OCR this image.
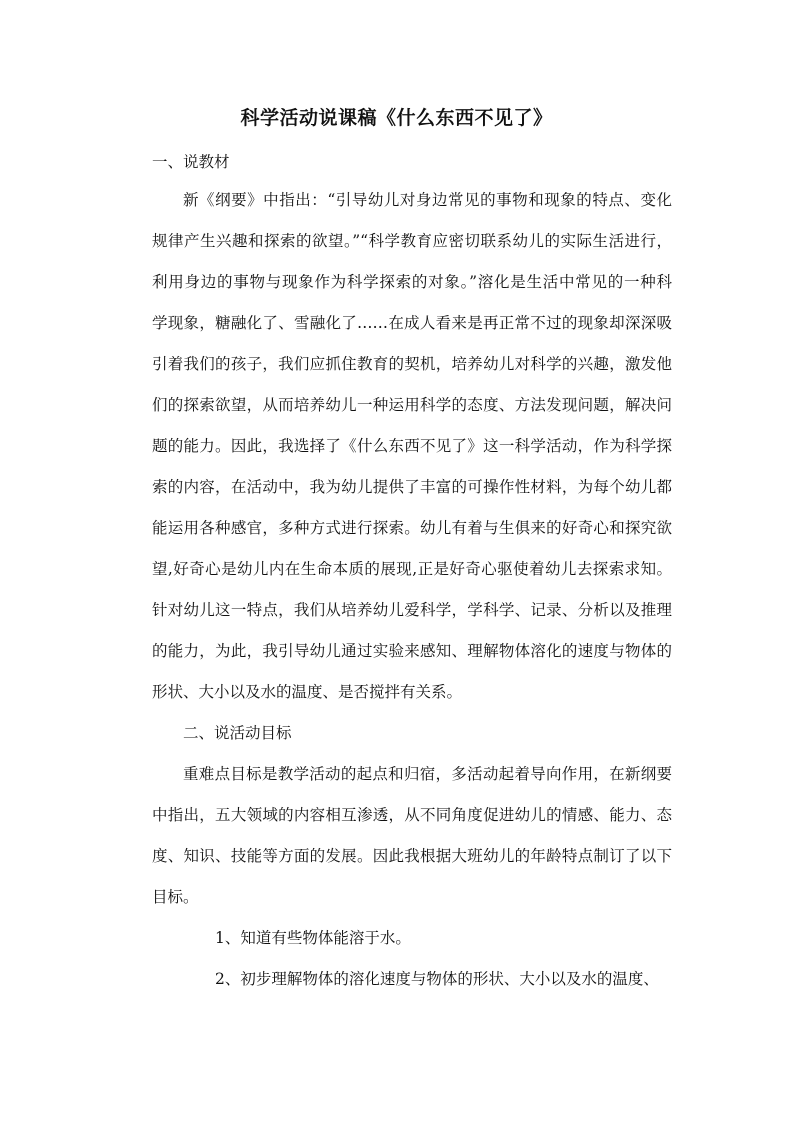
科学活动说课稿《什么东西不见了》
一、说教材
新《纲要》中指出：“引导幼儿对身边常见的事物和现象的特点、变化
规律产生兴趣和探索的欲望。”“科学教育应密切联系幼儿的实际生活进行，
利用身边的事物与现象作为科学探索的对象。”溶化是生活中常见的一种科
学现象，糖融化了、雪融化了……在成人看来是再正常不过的现象却深深吸
引着我们的孩子，我们应抓住教育的契机，培养幼儿对科学的兴趣，激发他
们的探索欲望，从而培养幼儿一种运用科学的态度、方法发现问题，解决问
题的能力。因此，我选择了《什么东西不见了》这一科学活动，作为科学探
索的内容，在活动中，我为幼儿提供了丰富的可操作性材料，为每个幼儿都
能运用各种感官，多种方式进行探索。幼儿有着与生俱来的好奇心和探究欲
望,好奇心是幼儿内在生命本质的展现,正是好奇心驱使着幼儿去探索求知。
针对幼儿这一特点，我们从培养幼儿爱科学，学科学、记录、分析以及推理
的能力，为此，我引导幼儿通过实验来感知、理解物体溶化的速度与物体的
形状、大小以及水的温度、是否搅拌有关系。
二、说活动目标
重难点目标是教学活动的起点和归宿，多活动起着导向作用，在新纲要
中指出，五大领域的内容相互渗透，从不同角度促进幼儿的情感、能力、态
度、知识、技能等方面的发展。因此我根据大班幼儿的年龄特点制订了以下
目标。
1、知道有些物体能溶于水。
2、初步理解物体的溶化速度与物体的形状、大小以及水的温度、
